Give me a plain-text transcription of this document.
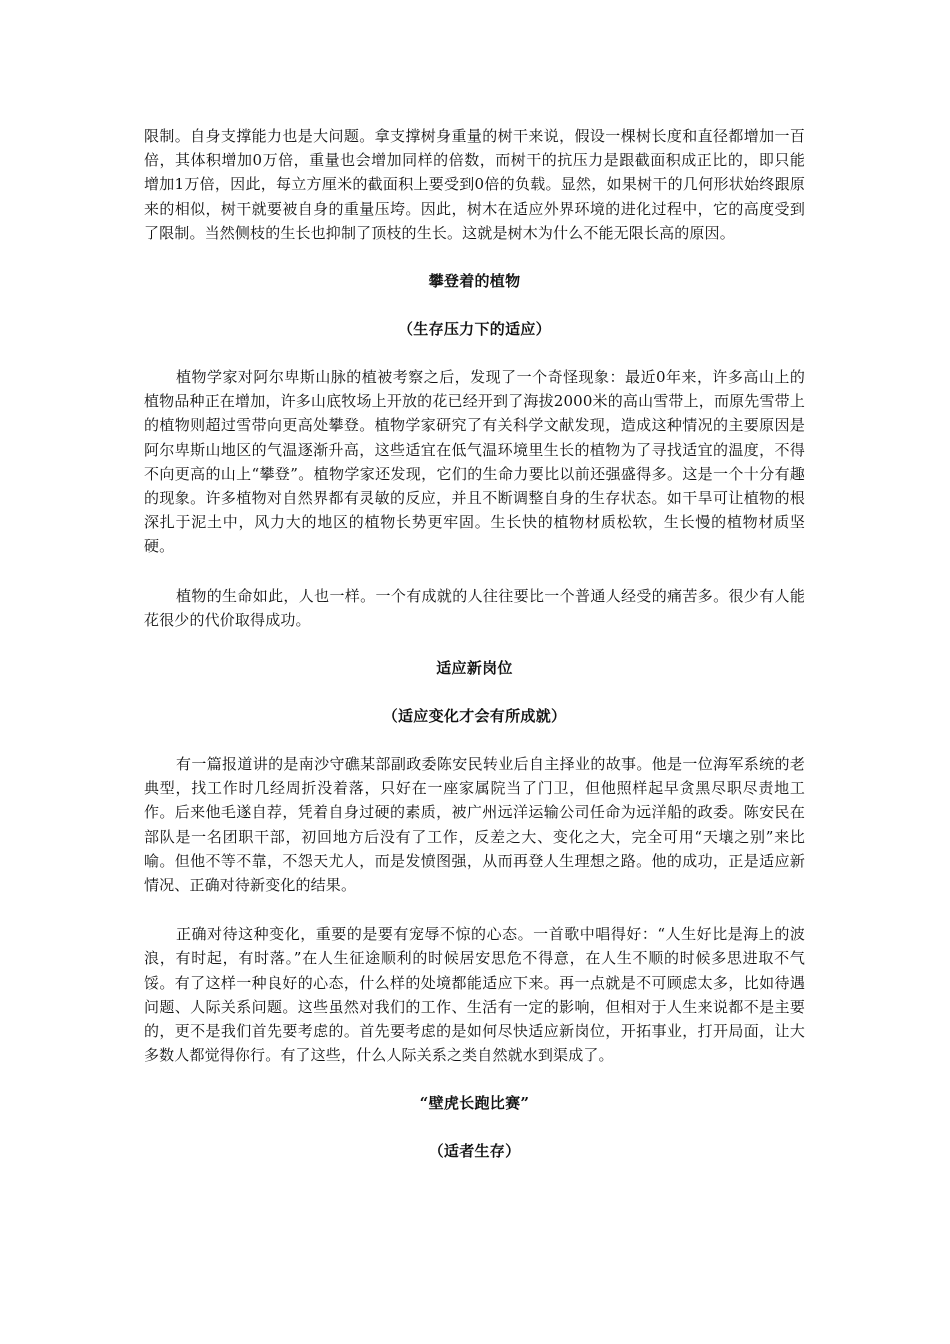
限制。自身支撑能力也是大问题。拿支撑树身重量的树干来说，假设一棵树长度和直径都增加一百倍，其体积增加0万倍，重量也会增加同样的倍数，而树干的抗压力是跟截面积成正比的，即只能增加1万倍，因此，每立方厘米的截面积上要受到0倍的负载。显然，如果树干的几何形状始终跟原来的相似，树干就要被自身的重量压垮。因此，树木在适应外界环境的进化过程中，它的高度受到了限制。当然侧枝的生长也抑制了顶枝的生长。这就是树木为什么不能无限长高的原因。

攀登着的植物
（生存压力下的适应）

植物学家对阿尔卑斯山脉的植被考察之后，发现了一个奇怪现象：最近0年来，许多高山上的植物品种正在增加，许多山底牧场上开放的花已经开到了海拔2000米的高山雪带上，而原先雪带上的植物则超过雪带向更高处攀登。植物学家研究了有关科学文献发现，造成这种情况的主要原因是阿尔卑斯山地区的气温逐渐升高，这些适宜在低气温环境里生长的植物为了寻找适宜的温度，不得不向更高的山上“攀登”。植物学家还发现，它们的生命力要比以前还强盛得多。这是一个十分有趣的现象。许多植物对自然界都有灵敏的反应，并且不断调整自身的生存状态。如干旱可让植物的根深扎于泥土中，风力大的地区的植物长势更牢固。生长快的植物材质松软，生长慢的植物材质坚硬。

植物的生命如此，人也一样。一个有成就的人往往要比一个普通人经受的痛苦多。很少有人能花很少的代价取得成功。

适应新岗位
（适应变化才会有所成就）

有一篇报道讲的是南沙守礁某部副政委陈安民转业后自主择业的故事。他是一位海军系统的老典型，找工作时几经周折没着落，只好在一座家属院当了门卫，但他照样起早贪黑尽职尽责地工作。后来他毛遂自荐，凭着自身过硬的素质，被广州远洋运输公司任命为远洋船的政委。陈安民在部队是一名团职干部，初回地方后没有了工作，反差之大、变化之大，完全可用“天壤之别”来比喻。但他不等不靠，不怨天尤人，而是发愤图强，从而再登人生理想之路。他的成功，正是适应新情况、正确对待新变化的结果。

正确对待这种变化，重要的是要有宠辱不惊的心态。一首歌中唱得好：“人生好比是海上的波浪，有时起，有时落。”在人生征途顺利的时候居安思危不得意，在人生不顺的时候多思进取不气馁。有了这样一种良好的心态，什么样的处境都能适应下来。再一点就是不可顾虑太多，比如待遇问题、人际关系问题。这些虽然对我们的工作、生活有一定的影响，但相对于人生来说都不是主要的，更不是我们首先要考虑的。首先要考虑的是如何尽快适应新岗位，开拓事业，打开局面，让大多数人都觉得你行。有了这些，什么人际关系之类自然就水到渠成了。

“壁虎长跑比赛”
（适者生存）
